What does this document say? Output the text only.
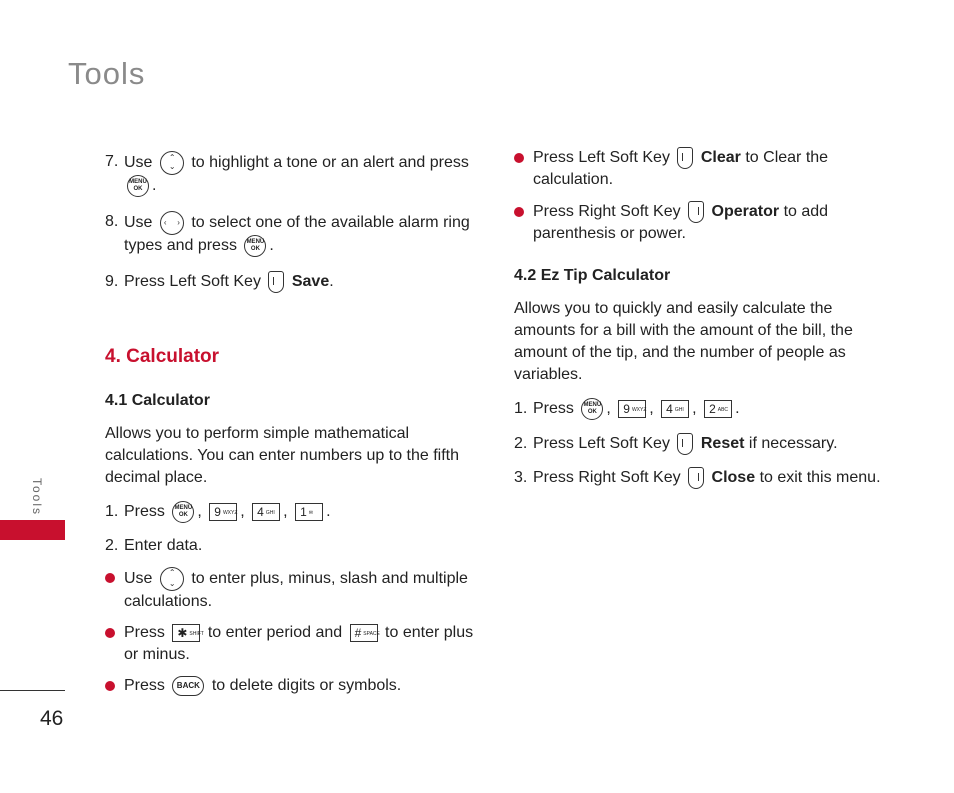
Tools
7. Use ⌃
⌄ to highlight a tone or an alert and press MENU OK .

8. Use ‹ › to select one of the available alarm ring types and press MENU OK .

9. Press Left Soft Key Save.

4. Calculator

4.1 Calculator

Allows you to perform simple mathematical calculations. You can enter numbers up to the fifth decimal place.

1. Press MENU OK , 9 WXYZ , 4 GHI , 1 ✉ .

2. Enter data.

Use ⌃
⌄ to enter plus, minus, slash and multiple calculations.

Press ✱ SHIFT to enter period and # SPACE to enter plus or minus.

Press BACK to delete digits or symbols.

Press Left Soft Key Clear to Clear the calculation.

Press Right Soft Key Operator to add parenthesis or power.

4.2 Ez Tip Calculator

Allows you to quickly and easily calculate the amounts for a bill with the amount of the bill, the amount of the tip, and the number of people as variables.

1. Press MENU OK , 9 WXYZ , 4 GHI , 2 ABC .

2. Press Left Soft Key Reset if necessary.

3. Press Right Soft Key Close to exit this menu.

Tools
46
